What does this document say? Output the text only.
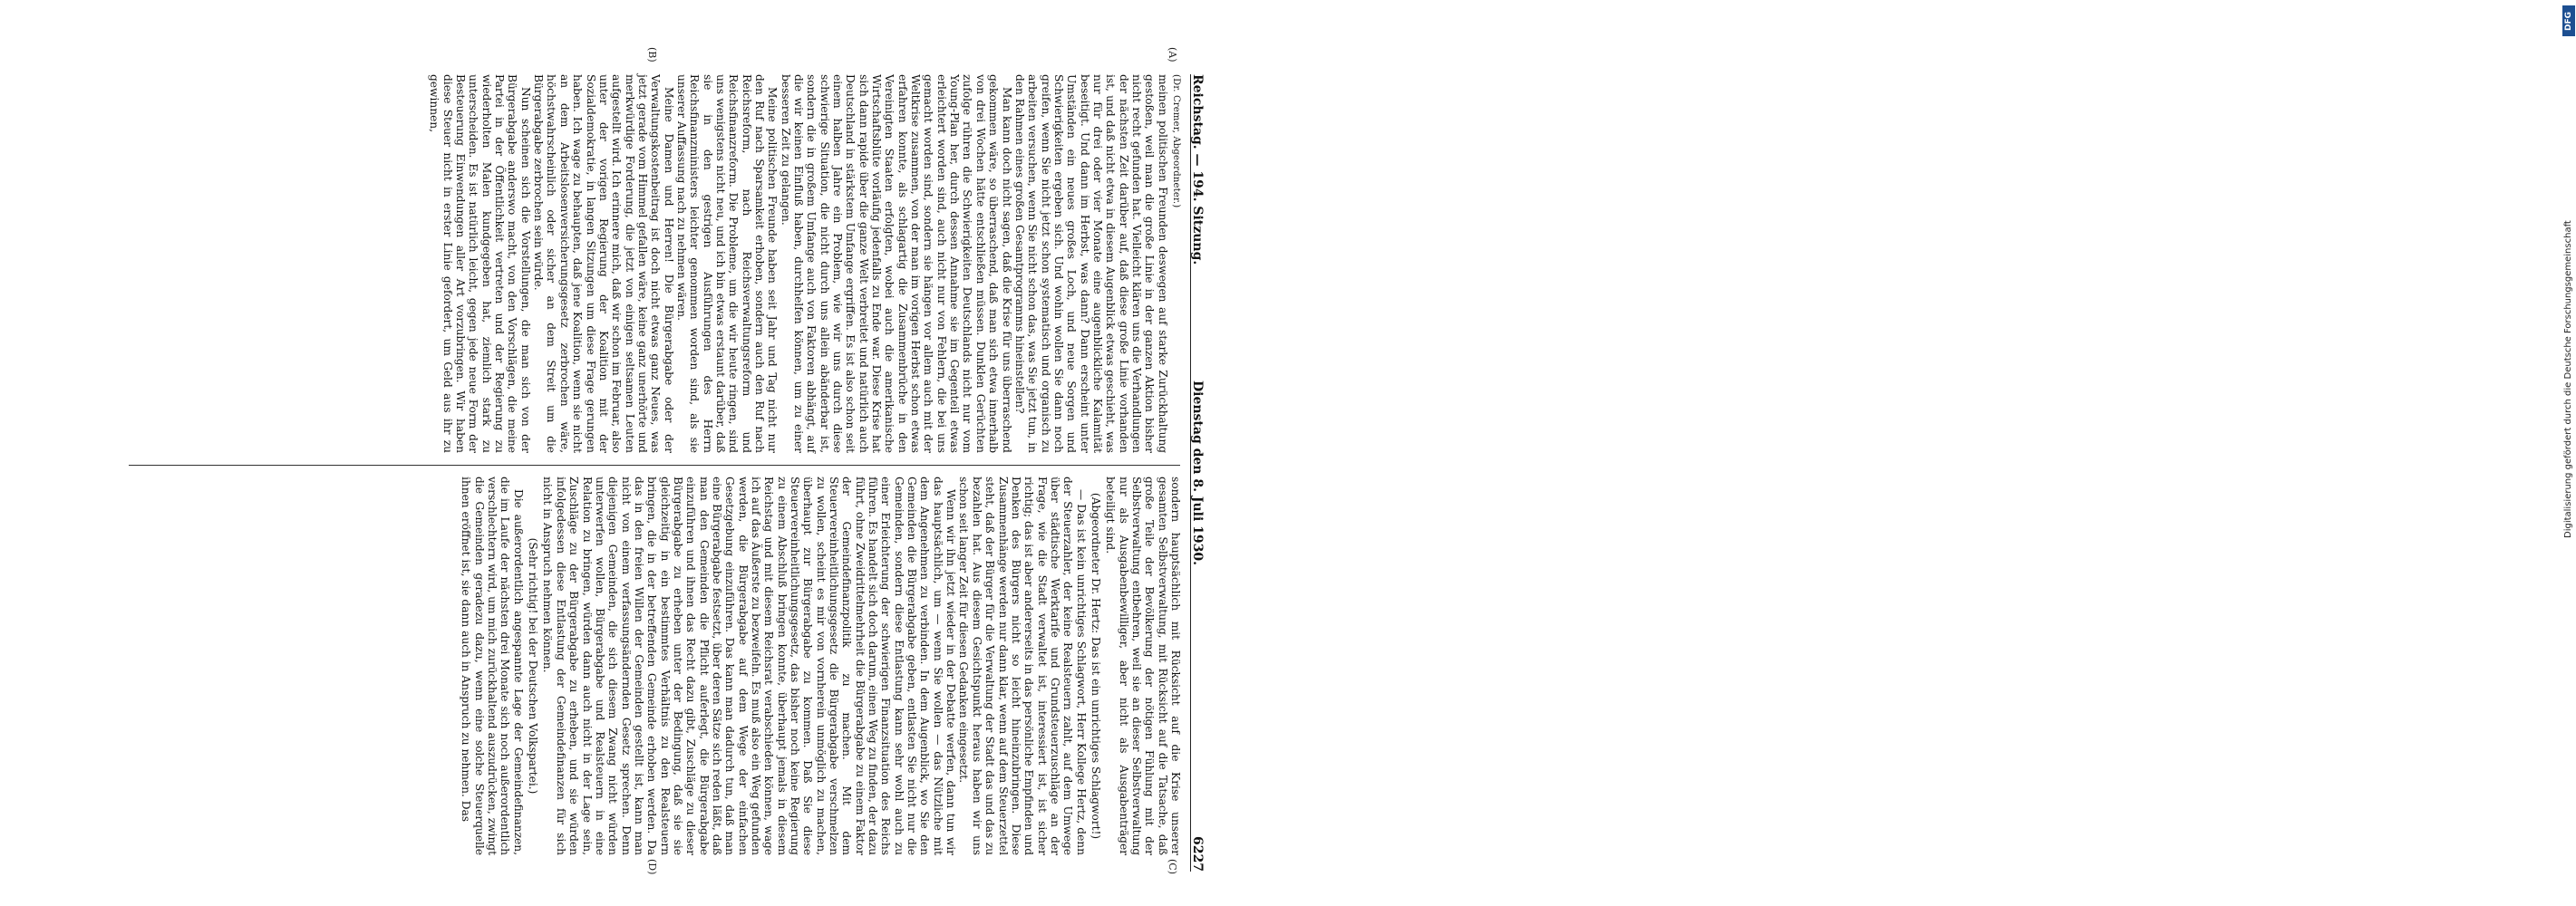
DFG
Digitalisierung gefördert durch die Deutsche Forschungsgemeinschaft
Reichstag. — 194. Sitzung.
Dienstag den 8. Juli 1930.
6227
(A)
(B)
(C)
(D)

(Dr. Cremer, Abgeordneter.)

meinen politischen Freunden deswegen auf starke Zurückhaltung gestoßen, weil man die große Linie in der ganzen Aktion bisher nicht recht gefunden hat. Vielleicht klären uns die Verhandlungen der nächsten Zeit darüber auf, daß diese große Linie vorhanden ist, und daß nicht etwa in diesem Augenblick etwas geschieht, was nur für drei oder vier Monate eine augenblickliche Kalamität beseitigt. Und dann im Herbst, was dann? Dann erscheint unter Umständen ein neues großes Loch, und neue Sorgen und Schwierigkeiten ergeben sich. Und wohin wollen Sie dann noch greifen, wenn Sie nicht jetzt schon systematisch und organisch zu arbeiten versuchen, wenn Sie nicht schon das, was Sie jetzt tun, in den Rahmen eines großen Gesamtprogramms hineinstellen?

Man kann doch nicht sagen, daß die Krise für uns überraschend gekommen wäre, so überraschend, daß man sich etwa innerhalb von drei Wochen hätte entschließen müssen. Dunklen Gerüchten zufolge rühren die Schwierigkeiten Deutschlands nicht nur vom Young-Plan her, durch dessen Annahme sie im Gegenteil etwas erleichtert worden sind, auch nicht nur von Fehlern, die bei uns gemacht worden sind, sondern sie hängen vor allem auch mit der Weltkrise zusammen, von der man im vorigen Herbst schon etwas erfahren konnte, als schlagartig die Zusammenbrüche in den Vereinigten Staaten erfolgten, wobei auch die amerikanische Wirtschaftsblüte vorläufig jedenfalls zu Ende war. Diese Krise hat sich dann rapide über die ganze Welt verbreitet und natürlich auch Deutschland in stärkstem Umfange ergriffen. Es ist also schon seit einem halben Jahre ein Problem, wie wir uns durch diese schwierige Situation, die nicht durch uns allein abänderbar ist, sondern die in großem Umfange auch von Faktoren abhängt, auf die wir keinen Einfluß haben, durchhelfen können, um zu einer besseren Zeit zu gelangen.

Meine politischen Freunde haben seit Jahr und Tag nicht nur den Ruf nach Sparsamkeit erhoben, sondern auch den Ruf nach Reichsreform, nach Reichsverwaltungsreform und Reichsfinanzreform. Die Probleme, um die wir heute ringen, sind uns wenigstens nicht neu, und ich bin etwas erstaunt darüber, daß sie in den gestrigen Ausführungen des Herrn Reichsfinanzministers leichter genommen worden sind, als sie unserer Auffassung nach zu nehmen wären.

Meine Damen und Herren! Die Bürgerabgabe oder der Verwaltungskostenbeitrag ist doch nicht etwas ganz Neues, was jetzt gerade vom Himmel gefallen wäre, keine ganz unerhörte und merkwürdige Forderung, die jetzt von einigen seltsamen Leuten aufgestellt wird. Ich erinnere mich, daß wir schon im Februar, also unter der vorigen Regierung der Koalition mit der Sozialdemokratie, in langen Sitzungen um diese Frage gerungen haben. Ich wage zu behaupten, daß jene Koalition, wenn sie nicht an dem Arbeitslosenversicherungsgesetz zerbrochen wäre, höchstwahrscheinlich oder sicher an dem Streit um die Bürgerabgabe zerbrochen sein würde.

Nun scheinen sich die Vorstellungen, die man sich von der Bürgerabgabe anderswo macht, von den Vorschlägen, die meine Partei in der Öffentlichkeit vertreten und der Regierung zu wiederholten Malen kundgegeben hat, ziemlich stark zu unterscheiden. Es ist natürlich leicht, gegen jede neue Form der Besteuerung Einwendungen aller Art vorzubringen. Wir haben diese Steuer nicht in erster Linie gefordert, um Geld aus ihr zu gewinnen,

sondern hauptsächlich mit Rücksicht auf die Krise unserer gesamten Selbstverwaltung, mit Rücksicht auf die Tatsache, daß große Teile der Bevölkerung der nötigen Fühlung mit der Selbstverwaltung entbehren, weil sie an dieser Selbstverwaltung nur als Ausgabenbewilliger, aber nicht als Ausgabenträger beteiligt sind.

(Abgeordneter Dr. Hertz: Das ist ein unrichtiges Schlagwort!)

— Das ist kein unrichtiges Schlagwort, Herr Kollege Hertz, denn der Steuerzahler, der keine Realsteuern zahlt, auf dem Umwege über städtische Werktarife und Grundsteuerzuschläge an der Frage, wie die Stadt verwaltet ist, interessiert ist, ist sicher richtig; das ist aber andererseits in das persönliche Empfinden und Denken des Bürgers nicht so leicht hineinzubringen. Diese Zusammenhänge werden nur dann klar, wenn auf dem Steuerzettel steht, daß der Bürger für die Verwaltung der Stadt das und das zu bezahlen hat. Aus diesem Gesichtspunkt heraus haben wir uns schon seit langer Zeit für diesen Gedanken eingesetzt.

Wenn wir ihn jetzt wieder in der Debatte werfen, dann tun wir das hauptsächlich, um — wenn Sie wollen — das Nützliche mit dem Angenehmen zu verbinden. In dem Augenblick, wo Sie den Gemeinden die Bürgerabgabe geben, entlasten Sie nicht nur die Gemeinden, sondern diese Entlastung kann sehr wohl auch zu einer Erleichterung der schwierigen Finanzsituation des Reichs führen. Es handelt sich doch darum, einen Weg zu finden, der dazu führt, ohne Zweidrittelmehrheit die Bürgerabgabe zu einem Faktor der Gemeindefinanzpolitik zu machen. Mit dem Steuervereinheitlichungsgesetz die Bürgerabgabe verschmelzen zu wollen, scheint es mir von vornherein unmöglich zu machen, überhaupt zur Bürgerabgabe zu kommen. Daß Sie diese Steuervereinheitlichungsgesetz, das bisher noch keine Regierung zu einem Abschluß bringen konnte, überhaupt jemals in diesem Reichstag und mit diesem Reichsrat verabschieden können, wage ich auf das Äußerste zu bezweifeln. Es muß also ein Weg gefunden werden, die Bürgerabgabe auf dem Wege der einfachen Gesetzgebung einzuführen. Das kann man dadurch tun, daß man eine Bürgerabgabe festsetzt, über deren Sätze sich reden läßt, daß man den Gemeinden die Pflicht auferlegt, die Bürgerabgabe einzuführen und ihnen das Recht dazu gibt, Zuschläge zu dieser Bürgerabgabe zu erheben unter der Bedingung, daß sie sie gleichzeitig in ein bestimmtes Verhältnis zu den Realsteuern bringen, die in der betreffenden Gemeinde erhoben werden. Da das in den freien Willen der Gemeinden gestellt ist, kann man nicht von einem verfassungsändernden Gesetz sprechen. Denn diejenigen Gemeinden, die sich diesem Zwang nicht würden unterwerfen wollen, Bürgerabgabe und Realsteuern in eine Relation zu bringen, würden dann auch nicht in der Lage sein, Zuschläge zu der Bürgerabgabe zu erheben, und sie würden infolgedessen diese Entlastung der Gemeindefinanzen für sich nicht in Anspruch nehmen können.

(Sehr richtig! bei der Deutschen Volkspartei.)

Die außerordentlich angespannte Lage der Gemeindefinanzen, die im Laufe der nächsten drei Monate sich noch außerordentlich verschlechtern wird, um mich zurückhaltend auszudrücken, zwingt die Gemeinden geradezu dazu, wenn eine solche Steuerquelle ihnen eröffnet ist, sie dann auch in Anspruch zu nehmen. Das
